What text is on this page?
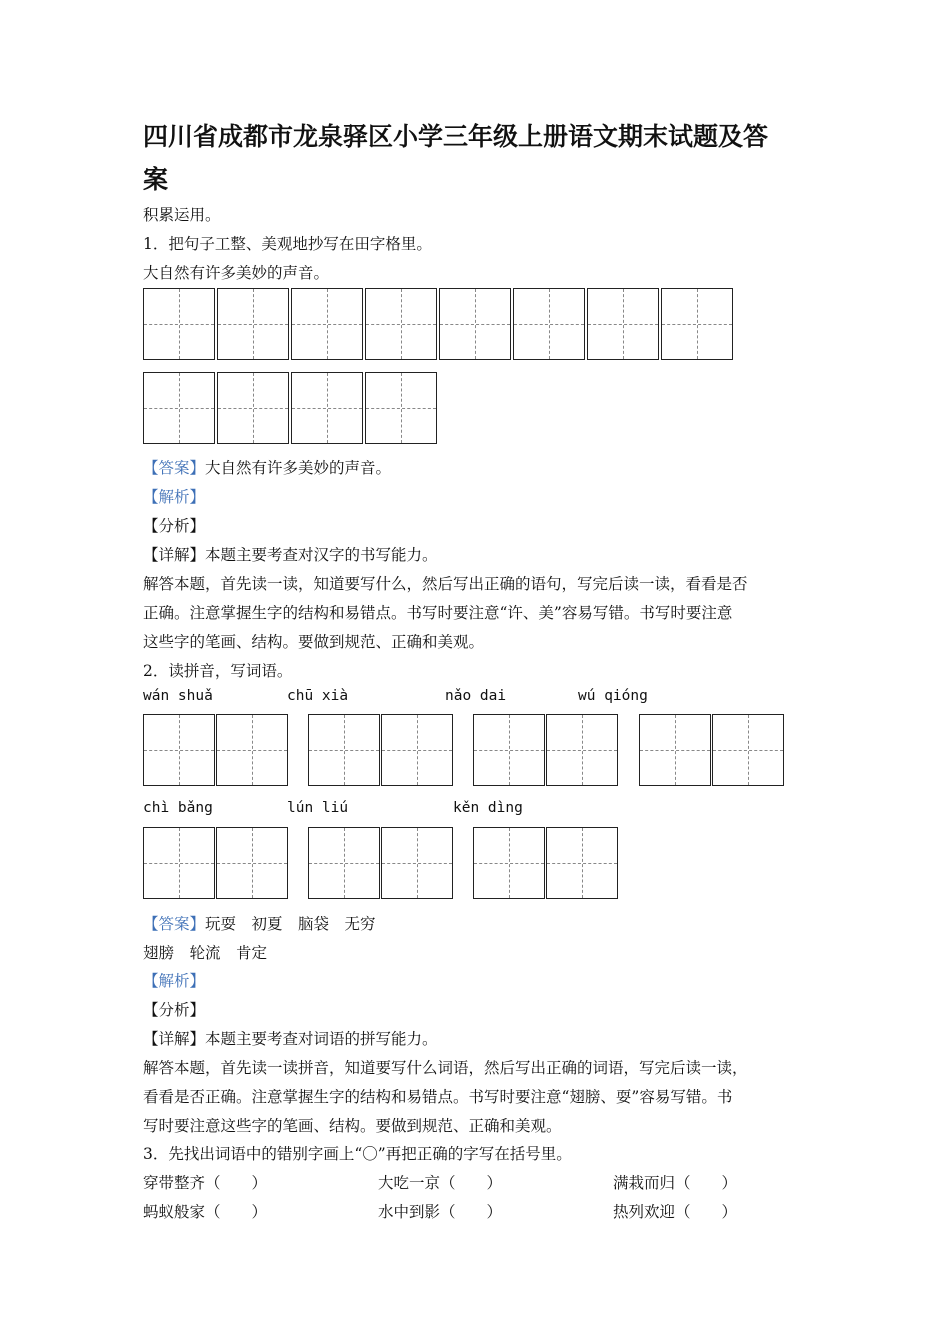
四川省成都市龙泉驿区小学三年级上册语文期末试题及答
案
积累运用。
1．把句子工整、美观地抄写在田字格里。
大自然有许多美妙的声音。
【答案】大自然有许多美妙的声音。
【解析】
【分析】
【详解】本题主要考查对汉字的书写能力。
解答本题，首先读一读，知道要写什么，然后写出正确的语句，写完后读一读，看看是否
正确。注意掌握生字的结构和易错点。书写时要注意“许、美”容易写错。书写时要注意
这些字的笔画、结构。要做到规范、正确和美观。
2．读拼音，写词语。
wán shuǎ	chū xià	nǎo dai	wú qióng
chì bǎng	lún liú	kěn dìng
【答案】玩耍　初夏　脑袋　无穷
翅膀　轮流　肯定
【解析】
【分析】
【详解】本题主要考查对词语的拼写能力。
解答本题，首先读一读拼音，知道要写什么词语，然后写出正确的词语，写完后读一读，
看看是否正确。注意掌握生字的结构和易错点。书写时要注意“翅膀、耍”容易写错。书
写时要注意这些字的笔画、结构。要做到规范、正确和美观。
3．先找出词语中的错别字画上“〇”再把正确的字写在括号里。
穿带整齐（　　）	大吃一京（　　）	满栽而归（　　）
蚂蚁般家（　　）	水中到影（　　）	热列欢迎（　　）
